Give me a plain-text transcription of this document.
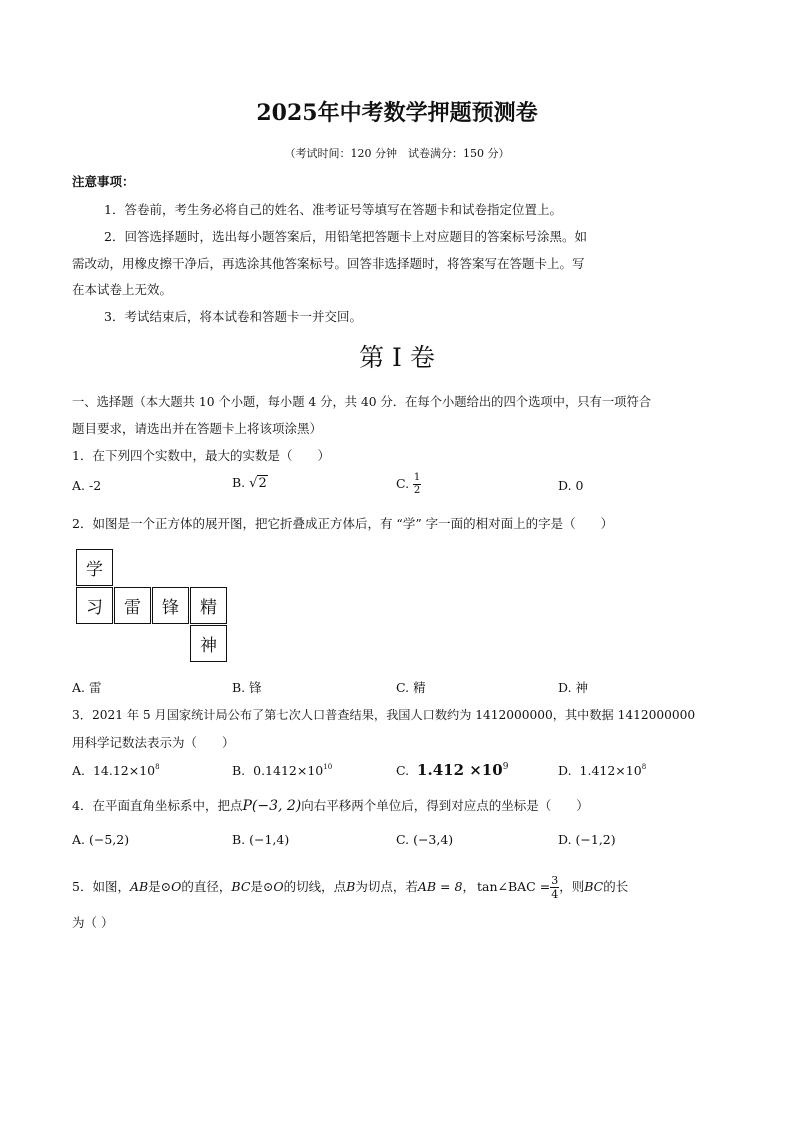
2025年中考数学押题预测卷
（考试时间：120 分钟　试卷满分：150 分）
注意事项：
1．答卷前，考生务必将自己的姓名、准考证号等填写在答题卡和试卷指定位置上。
2．回答选择题时，选出每小题答案后，用铅笔把答题卡上对应题目的答案标号涂黑。如
需改动，用橡皮擦干净后，再选涂其他答案标号。回答非选择题时，将答案写在答题卡上。写
在本试卷上无效。
3．考试结束后，将本试卷和答题卡一并交回。
第 I 卷
一、选择题（本大题共 10 个小题，每小题 4 分，共 40 分．在每个小题给出的四个选项中，只有一项符合
题目要求，请选出并在答题卡上将该项涂黑）
1．在下列四个实数中，最大的实数是（　　）
A. -2	B. √2	C. $\frac{1}{2}$	D. 0
2．如图是一个正方体的展开图，把它折叠成正方体后，有 “学” 字一面的相对面上的字是（　　）
学
习	雷	锋	精
神
A. 雷	B. 锋	C. 精	D. 神
3．2021 年 5 月国家统计局公布了第七次人口普查结果，我国人口数约为 1412000000，其中数据 1412000000
用科学记数法表示为（　　）
A. $14.12\times 10^8$	B. $0.1412\times 10^{10}$	C. $1.412 \times 10^9$	D. $1.412\times 10^8$
4．在平面直角坐标系中，把点P(−3, 2)向右平移两个单位后，得到对应点的坐标是（　　）
A. (−5,2)	B. (−1,4)	C. (−3,4)	D. (−1,2)
5．如图，AB是⊙O的直径，BC是⊙O的切线，点B为切点，若AB = 8， tan∠BAC = $\frac{3}{4}$ ，则BC的长
为（ ）
